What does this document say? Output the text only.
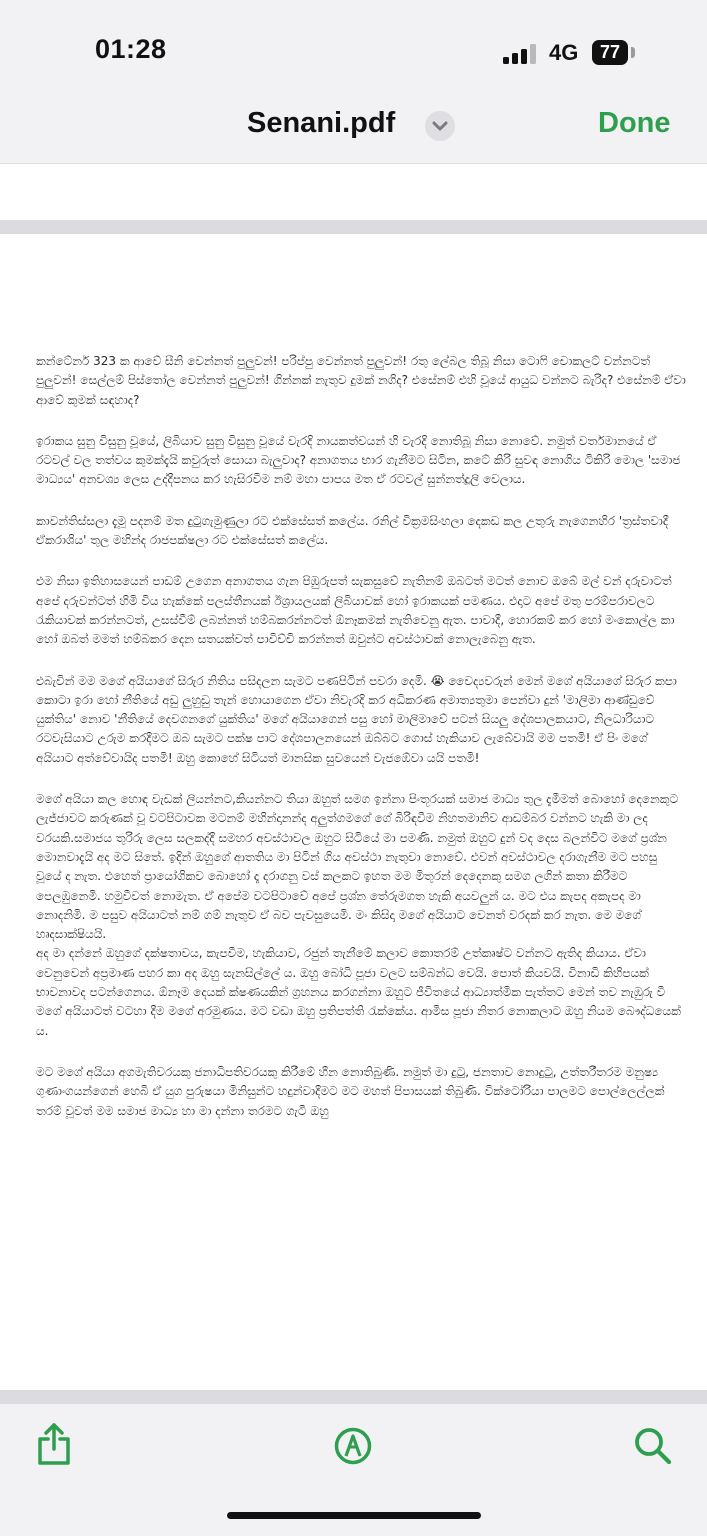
01:28	4G	77
Senani.pdf	Done

කන්ටේනර් 323 ක ආවේ සීනි වෙන්නත් පුලුවන්! පරිප්පු වෙන්නත් පුලුවන්! රතු ලේබල තිබූ නිසා ටොෆි චොකලට් වන්නටත් පුලුවන්! සෙල්ලම් පිස්තෝල වෙන්නත් පුලුවන්! ගින්නක් නැතුව දුමක් නගිද? එසේනම් එහි වූයේ ආයුධ වන්නට බැරිද? එසේනම් ඒවා ආවේ කුමක් සඳහාද?

ඉරාකය සුනු විසුනු වූයේ, ලිබියාව සුනු විසුනු වූයේ වැරදි නායකත්වයන් හි වැරදි නොතිබූ නිසා නොවේ. නමුත් වර්තමානයේ ඒ රටවල් වල තත්වය කුමක්දැයි කවුරුත් සොයා බැලුවාද? අනාගතය භාර ගැනීමට සිටින, කටේ කිරි සුවඳ නොගිය ටිකිරි මොල 'සමාජ මාධ්‍යය' අනවශ්‍ය ලෙස උද්දීපනය කර හැසිරවීම නම් මහා පාපය මත ඒ රටවල් සුන්නත්දූලි වෙලාය.

කාවන්තිස්සලා දැමූ පදනම් මත දුටුගැමුණුලා රට එක්සේසත් කලේය. රනිල් වික්‍රමසිංහලා දෙකඩ කල උතුරු නැගෙනහිර 'ත්‍රස්තවාදී ඒකරාශිය' තුල මහින්ද රාජපක්ෂලා රට එක්සේසත් කලේය.

එම නිසා ඉතිහාසයෙන් පාඩම් උගෙන අනාගතය ගැන පිඹුරුපත් සැකසුවේ නැතිනම් ඔබටත් මටත් නොව ඔබේ මල් වන් දරුවාටත් අපේ දරුවන්ටත් හිමි විය හැක්කේ පලස්තීනයක් ඊශ්‍රායලයක් ලිබියාවක් හෝ ඉරාකයක් පමණය. එදාට අපේ මතු පරම්පරාවලට රැකියාවක් කරන්නටත්, උසස්වීම් ලබන්නත් හම්බකරන්නටත් ඕනෑකමක් නැතිවෙනු ඇත. පාවාදී, හොරකම් කර හෝ මංකොල්ල කා හෝ ඔබත් මමත් හම්බකර දෙන සතයක්වත් පාවිච්චි කරන්නත් ඔවුන්ට අවස්ථාවක් නොලැබෙනු ඇත.

එබැවින් මම මගේ අයියාගේ සිරුර නිතිය පසිදලන සැමට පණපිටින් පවරා දෙමි. 😭 වෛද්‍යවරුන් මෙන් මගේ අයියාගේ සිරුර කපා කොටා ඉරා හෝ නීතියේ අඩු ලුහුඩු තැන් හොයාගෙන ඒවා නිවැරදි කර අධිකරණ අමාත්‍යතුමා පෙන්වා දුන් 'මාලිමා ආණ්ඩුවේ යුක්තිය' නොව 'නීතියේ දෙවගනගේ යුක්තිය' මගේ අයියාගෙන් පසු හෝ මාලිමාවේ පටන් සියලු දේශපාලකයාට, නිලධාරියාට රටවැසියාට උරුම කරදීමට ඔබ සැමට පක්ෂ පාට දේශපාලනයෙන් ඔබ්බට ගොස් හැකියාව ලැබේවායි මම පතමි! ඒ පිං මගේ අයියාට අත්වේවායිද පතමි! ඔහු කොහේ සිටියත් මානසික සුවයෙන් වැජඹේවා යයි පතමි!

මගේ අයියා කල හොඳ වැඩක් ලියන්නට,කියන්නට තියා ඔහුත් සමග ඉන්නා පිංතූරයක් සමාජ මාධ්‍ය තුල දැමීමත් බොහෝ දෙනෙකුට ලැජ්ජාවට කරුණක් වූ වටපිටාවක මටනම් මහින්දානන්ද අලුත්ගමගේ ගේ බිරිඳවීම නිහතමානිව ආඩම්බර වන්නට හැකි මා ලද වරයකි.සමාජය තුරිරු ලෙස සලකද්දී සමහර අවස්ථාවල ඔහුට සිටියේ මා පමණි. නමුත් ඔහුට දුන් වද දෙස බලන්විට මගේ ප්‍රශ්න මොනවාදැයි අද මට සිතේ. ඉදින් ඔහුගේ ආතතිය මා පිටින් ගිය අවස්ථා නැතුවා නොවේ. එවන් අවස්ථාවල දරාගැනීම මට පහසු වූයේ ද නැත. එහෙත් ප්‍රායෝගිකව බොහෝ දෑ දරාගනු වස් කලකට ඉහත මම මිතුරන් දෙදෙනකු සමග ලගින් කතා කිරීමට පෙලඹුනෙමි. හමුවීවත් නොමැත. ඒ අපේම වටපිටාවේ අපේ ප්‍රශ්න තේරුමගත හැකි අයවලුන් ය. මට එය කැපද අකැපද මා නොදනිමි. ම පසුව අයියාටත් නම් ගම් නැතුව ඒ බව පැවසුයෙමි. මං කිසිදා මගේ අයියාට වෙනත් වරදක් කර නැත. මෙ මගේ හෘදසාක්ෂියයි.

අද මා දන්නේ ඔහුගේ දක්ෂතාවය, කැපවීම, හැකියාව, රජුන් තැනීමේ කලාව කොතරම් උත්කෘෂ්ට වන්නට ඇතිද කියාය. ඒවා වෙනුවෙන් අප්‍රමාණ පහර කා අද ඔහු සැනසිල්ලේ ය. ඔහු බෝධි පූජා වලට සම්බන්ධ වෙයි. පොත් කියවයි. විනාඩි කිහිපයක් භාවනාවද පටන්ගෙනය. ඕනෑම දෙයක් ක්ෂණයකින් ග්‍රහනය කරගන්නා ඔහුට ජීවිතයේ ආධ්‍යාත්මික පැත්තට මෙන් තව නැඹුරු වී මගේ අයියාටත් වටහා දීම මගේ අරමුණය. මට වඩා ඔහු ප්‍රතිපත්ති රැක්කේය. ආමිස පූජා නිතර නොකලාට ඔහු නියම බෞද්ධයෙක් ය.

මට මගේ අයියා අගමැතිවරයකු ජනාධිපතිවරයකු කිරීමේ හීන නොතිබුණි. නමුත් මා දුටු, ජනතාව නොදුටු, උත්තරීතරම මනුෂ්‍ය ගුණාංගයන්ගෙන් හෙබි ඒ යුග පුරුෂයා මිනිසුන්ට හදුන්වාදීමට මට මහත් පිපාසයක් තිබුණි. වික්ටෝරියා පාලමට පොල්ලෙල්ලක් තරම් වූවත් මම සමාජ මාධ්‍ය හා මා දන්නා තරමට ගැටී ඔහු
